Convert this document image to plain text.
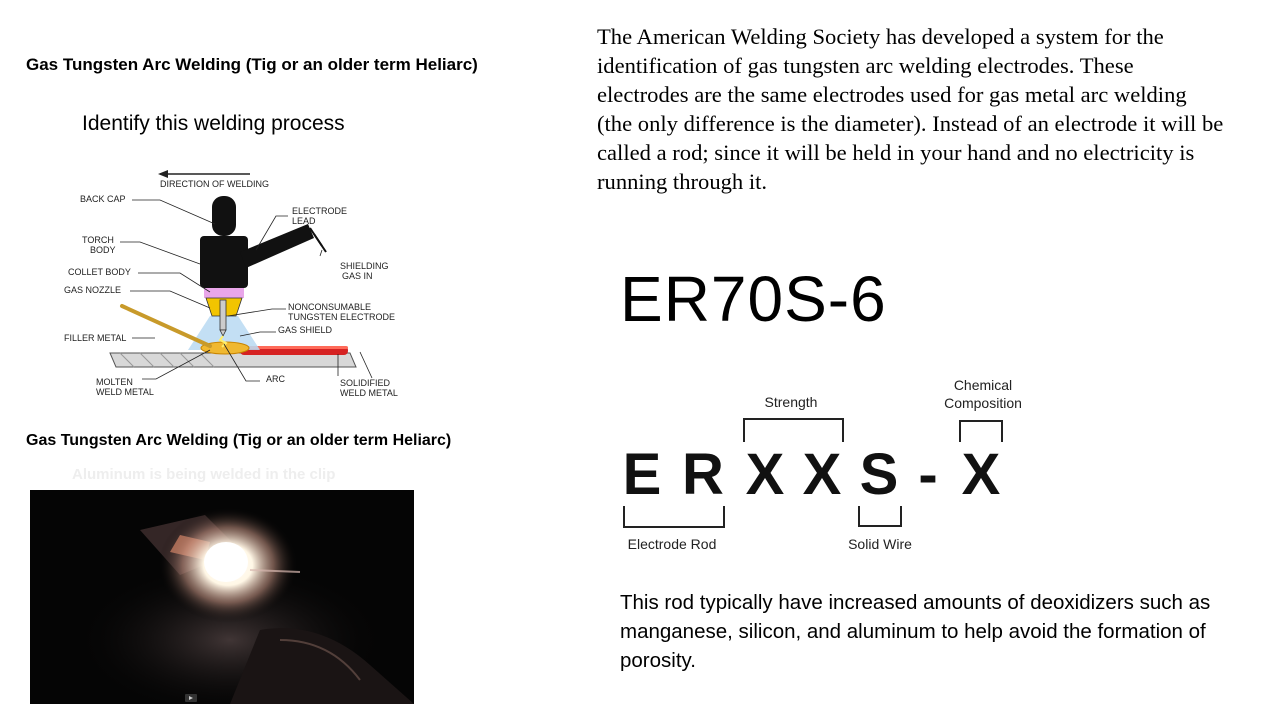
Gas Tungsten Arc Welding (Tig or an older term Heliarc)
Identify this welding process
DIRECTION OF WELDING
BACK CAP
ELECTRODE
LEAD
TORCH
BODY
SHIELDING
GAS IN
COLLET BODY
GAS NOZZLE
NONCONSUMABLE
TUNGSTEN ELECTRODE
GAS SHIELD
FILLER METAL
MOLTEN
WELD METAL
ARC	SOLIDIFIED
WELD METAL
Gas Tungsten Arc Welding (Tig or an older term Heliarc)
Aluminum is being welded in the clip
The American Welding Society has developed a system for the identification of gas tungsten arc welding electrodes. These electrodes are the same electrodes used for gas metal arc welding (the only difference is the diameter). Instead of an electrode it will be called a rod; since it will be held in your hand and no electricity is running through it.
ER70S-6
Strength
Chemical
Composition
E R X X S - X
Electrode Rod	Solid Wire
This rod typically have increased amounts of deoxidizers such as manganese, silicon, and aluminum to help avoid the formation of porosity.
